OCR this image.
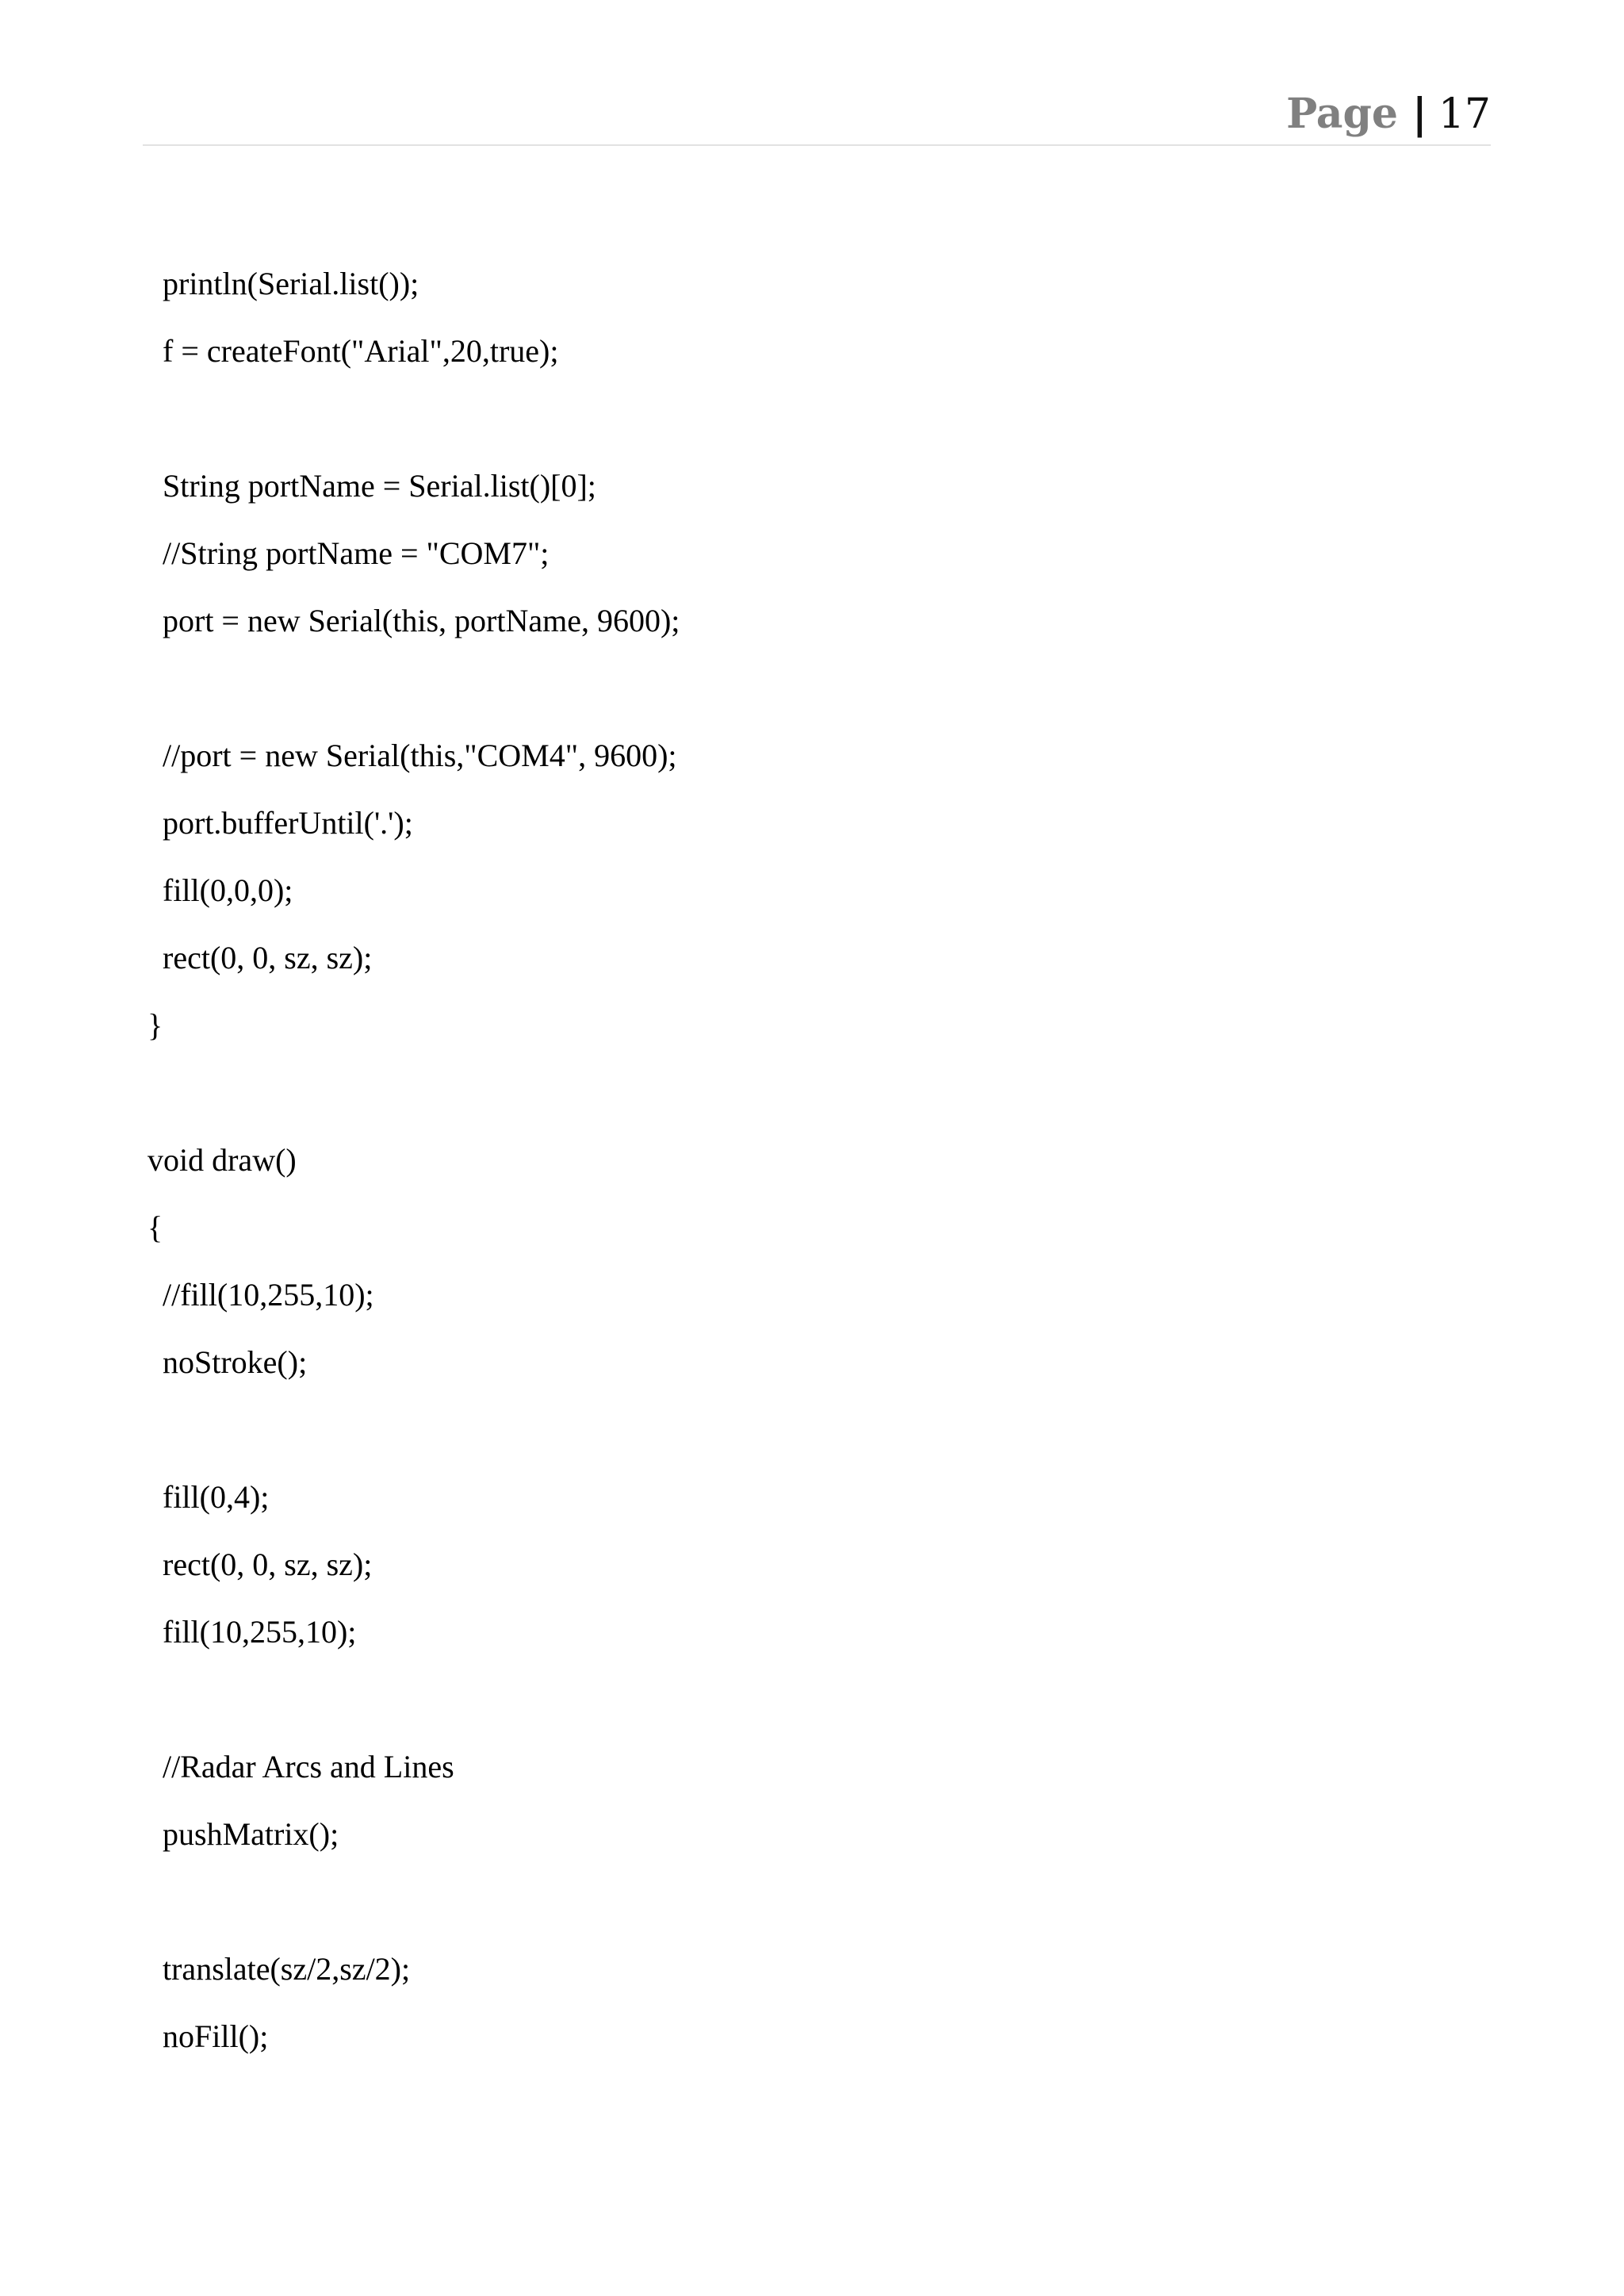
Page | 17
println(Serial.list());
f = createFont("Arial",20,true);
String portName = Serial.list()[0];
//String portName = "COM7";
port = new Serial(this, portName, 9600);
//port = new Serial(this,"COM4", 9600);
port.bufferUntil('.');
fill(0,0,0);
rect(0, 0, sz, sz);
}
void draw()
{
//fill(10,255,10);
noStroke();
fill(0,4);
rect(0, 0, sz, sz);
fill(10,255,10);
//Radar Arcs and Lines
pushMatrix();
translate(sz/2,sz/2);
noFill();
